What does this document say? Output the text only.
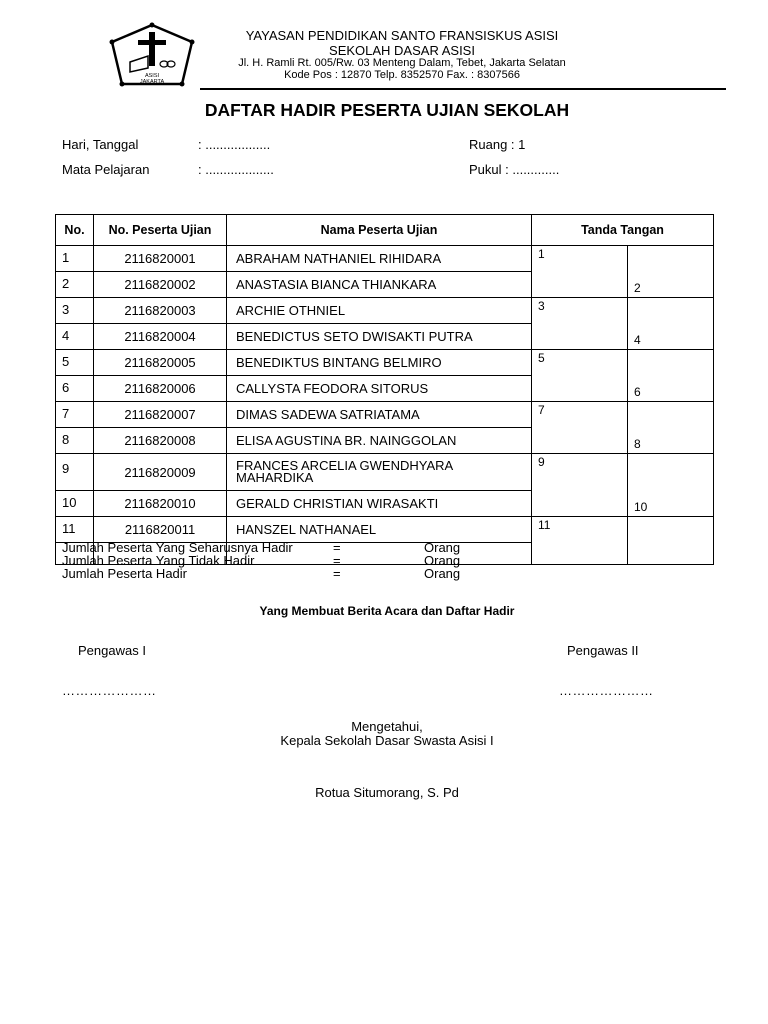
ASISI
JAKARTA
YAYASAN PENDIDIKAN SANTO FRANSISKUS ASISI
SEKOLAH DASAR ASISI
Jl. H. Ramli Rt. 005/Rw. 03 Menteng Dalam, Tebet, Jakarta Selatan
Kode Pos : 12870 Telp. 8352570 Fax. : 8307566
DAFTAR HADIR PESERTA UJIAN SEKOLAH
Hari, Tanggal	: ..................
Mata Pelajaran	: ...................
Ruang : 1
Pukul : .............
No.	No. Peserta Ujian	Nama Peserta Ujian	Tanda Tangan	
1	2116820001	ABRAHAM NATHANIEL RIHIDARA	1	2
2	2116820002	ANASTASIA BIANCA THIANKARA		
3	2116820003	ARCHIE OTHNIEL	3	4
4	2116820004	BENEDICTUS SETO DWISAKTI PUTRA		
5	2116820005	BENEDIKTUS BINTANG BELMIRO	5	6
6	2116820006	CALLYSTA FEODORA SITORUS		
7	2116820007	DIMAS SADEWA SATRIATAMA	7	8
8	2116820008	ELISA AGUSTINA BR. NAINGGOLAN		
9	2116820009	FRANCES ARCELIA GWENDHYARA MAHARDIKA	9	10
10	2116820010	GERALD CHRISTIAN WIRASAKTI		
11	2116820011	HANSZEL NATHANAEL	11	

Jumlah Peserta Yang Seharusnya Hadir	=	Orang
Jumlah Peserta Yang Tidak Hadir	=	Orang
Jumlah Peserta Hadir	=	Orang
Yang Membuat Berita Acara dan Daftar Hadir
Pengawas I	Pengawas II
…………………	…………………
Mengetahui,
Kepala Sekolah Dasar Swasta Asisi I
Rotua Situmorang, S. Pd
